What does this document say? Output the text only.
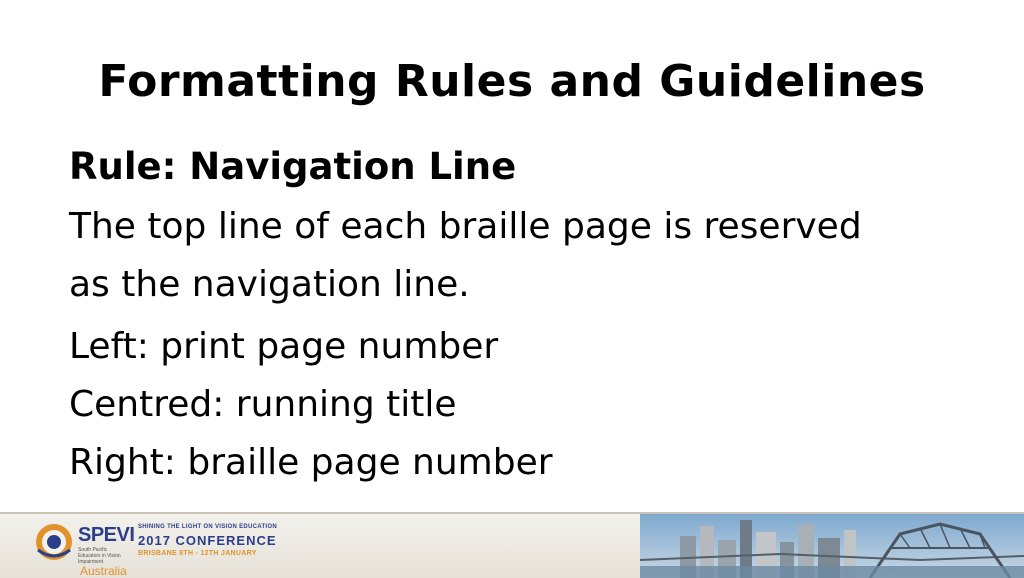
Formatting Rules and Guidelines
Rule: Navigation Line
The top line of each braille page is reserved
as the navigation line.
Left: print page number
Centred: running title
Right: braille page number
SPEVI
South Pacific Educators in Vision Impairment
Australia
SHINING THE LIGHT ON VISION EDUCATION
2017 CONFERENCE
BRISBANE 8TH - 12TH JANUARY
